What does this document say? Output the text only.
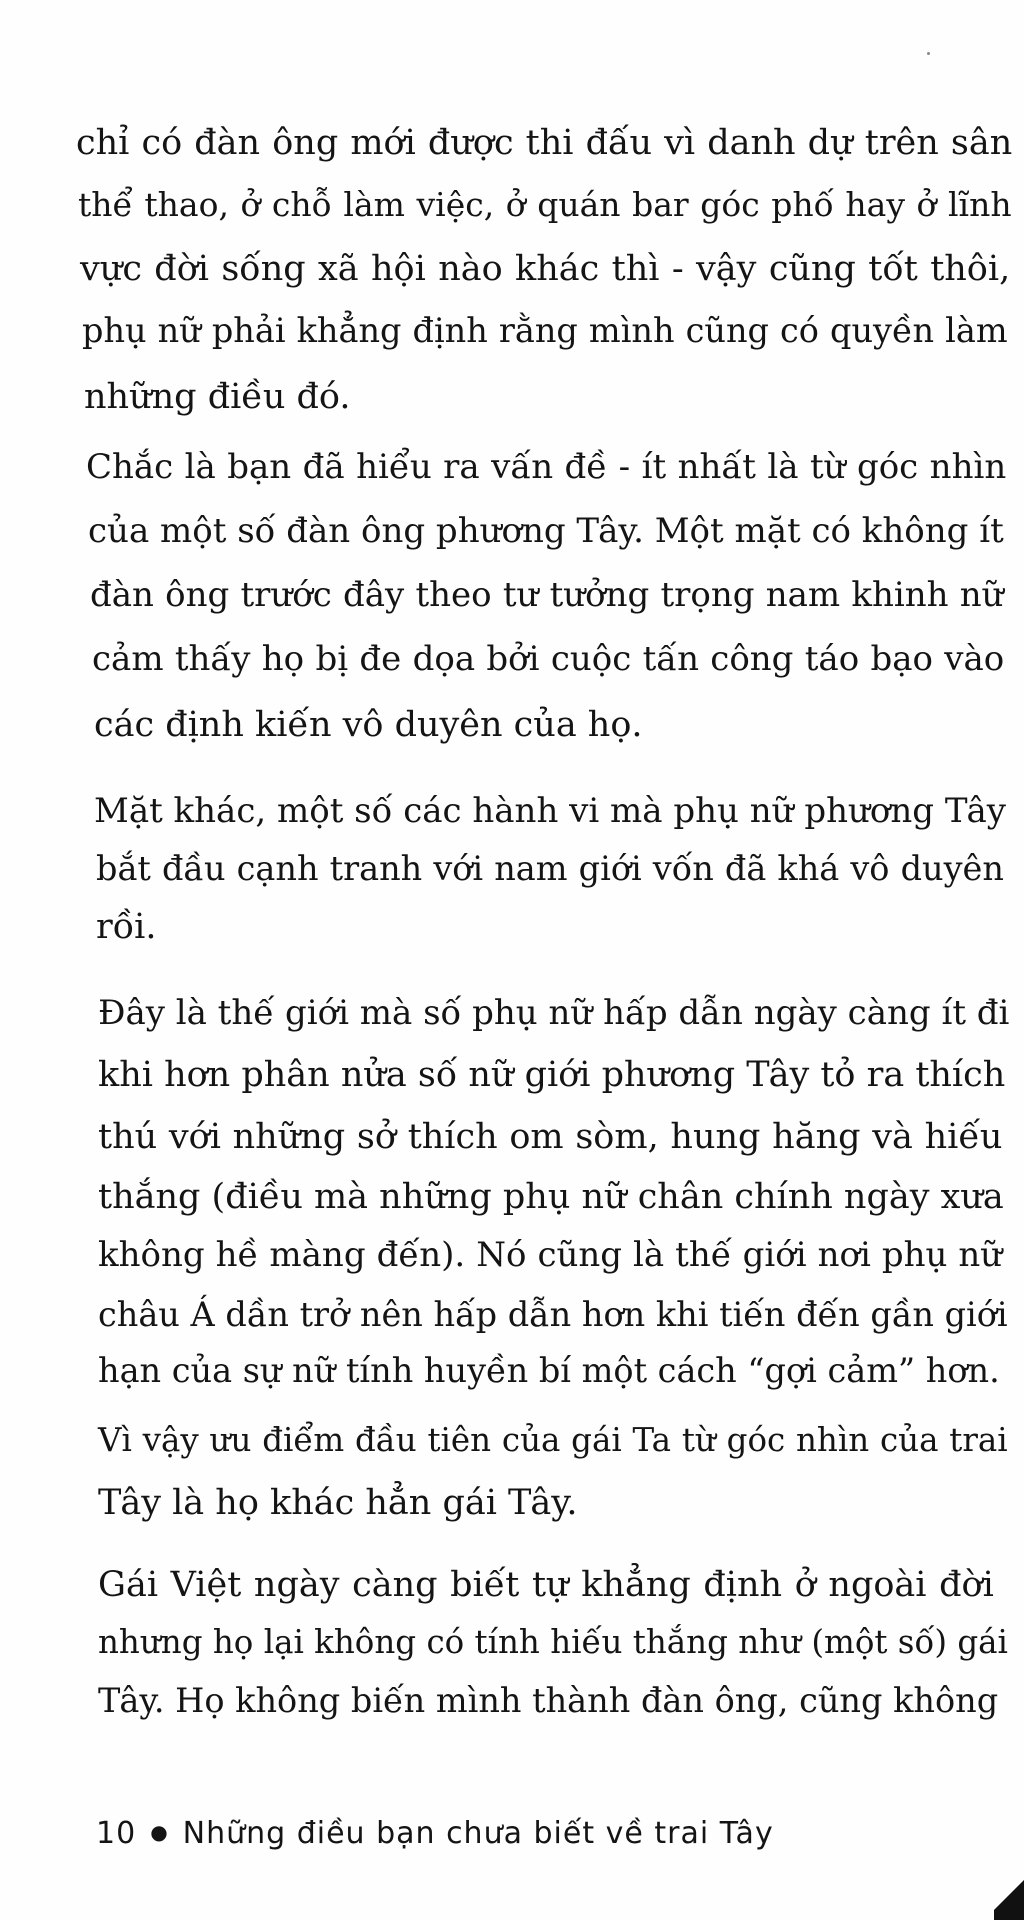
chỉ có đàn ông mới được thi đấu vì danh dự trên sân
thể thao, ở chỗ làm việc, ở quán bar góc phố hay ở lĩnh
vực đời sống xã hội nào khác thì - vậy cũng tốt thôi,
phụ nữ phải khẳng định rằng mình cũng có quyền làm
những điều đó.
Chắc là bạn đã hiểu ra vấn đề - ít nhất là từ góc nhìn
của một số đàn ông phương Tây. Một mặt có không ít
đàn ông trước đây theo tư tưởng trọng nam khinh nữ
cảm thấy họ bị đe dọa bởi cuộc tấn công táo bạo vào
các định kiến vô duyên của họ.
Mặt khác, một số các hành vi mà phụ nữ phương Tây
bắt đầu cạnh tranh với nam giới vốn đã khá vô duyên
rồi.
Đây là thế giới mà số phụ nữ hấp dẫn ngày càng ít đi
khi hơn phân nửa số nữ giới phương Tây tỏ ra thích
thú với những sở thích om sòm, hung hăng và hiếu
thắng (điều mà những phụ nữ chân chính ngày xưa
không hề màng đến). Nó cũng là thế giới nơi phụ nữ
châu Á dần trở nên hấp dẫn hơn khi tiến đến gần giới
hạn của sự nữ tính huyền bí một cách “gợi cảm” hơn.
Vì vậy ưu điểm đầu tiên của gái Ta từ góc nhìn của trai
Tây là họ khác hẳn gái Tây.
Gái Việt ngày càng biết tự khẳng định ở ngoài đời
nhưng họ lại không có tính hiếu thắng như (một số) gái
Tây. Họ không biến mình thành đàn ông, cũng không
10 ● Những điều bạn chưa biết về trai Tây
